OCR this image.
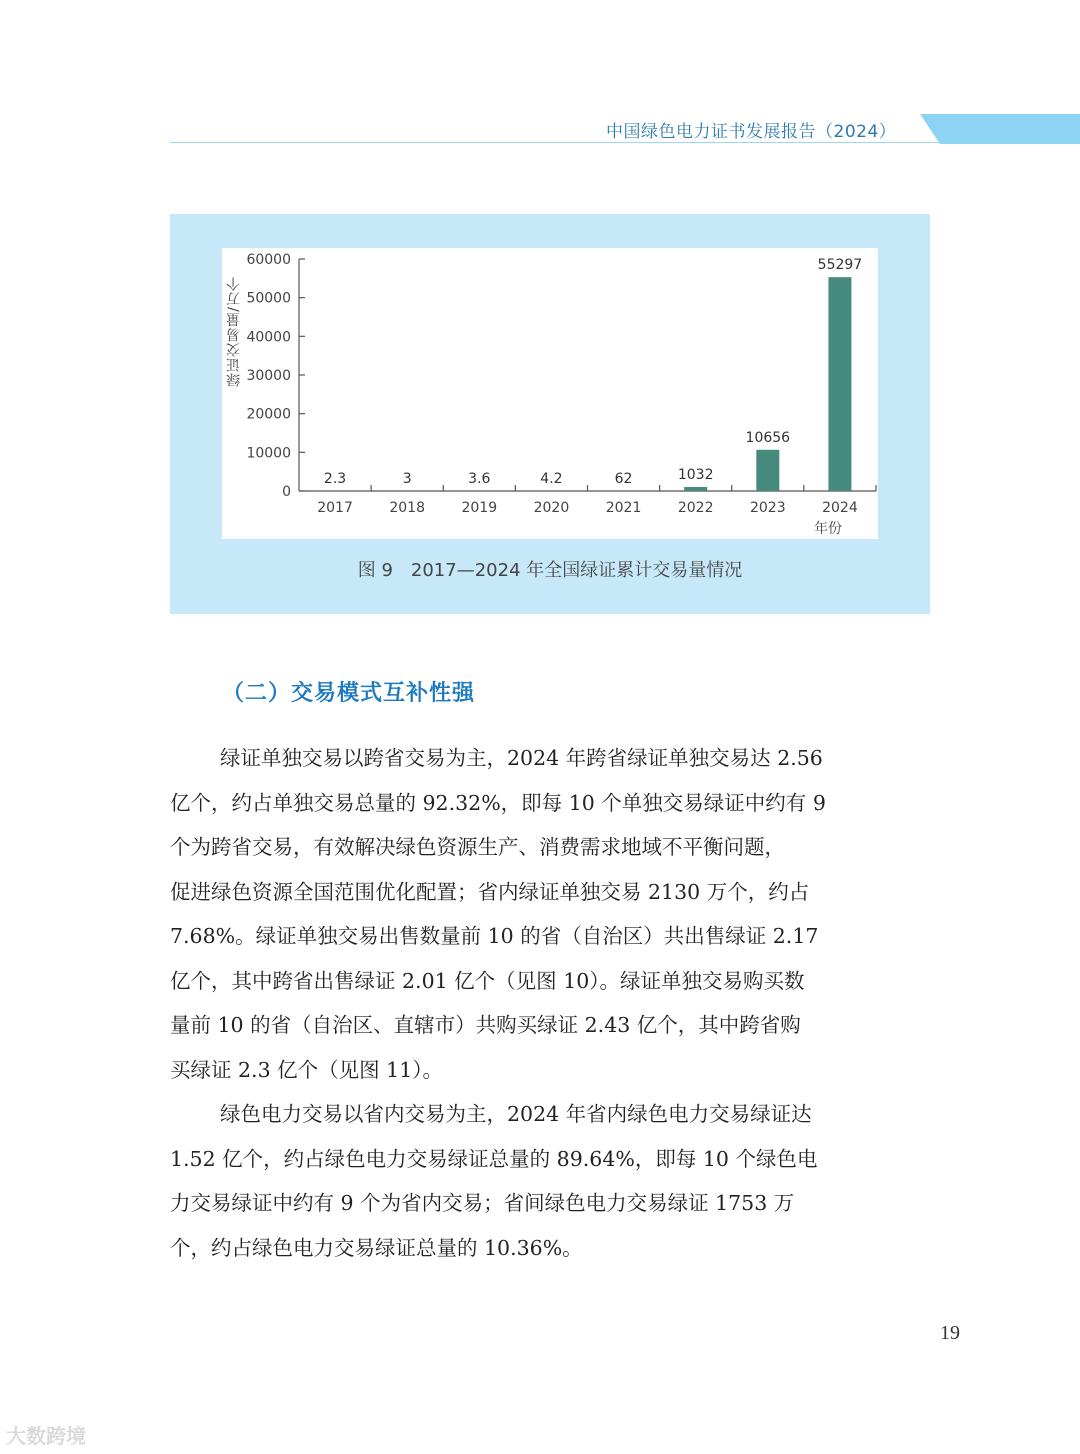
中国绿色电力证书发展报告（2024）
0
10000
20000
30000
40000
50000
60000
2.3
2017
3
2018
3.6
2019
4.2
2020
62
2021
1032
2022
10656
2023
55297
2024
年份
绿证交易量/万个
图 9　2017—2024 年全国绿证累计交易量情况
（二）交易模式互补性强
绿证单独交易以跨省交易为主，2024 年跨省绿证单独交易达 2.56
亿个，约占单独交易总量的 92.32%，即每 10 个单独交易绿证中约有 9
个为跨省交易，有效解决绿色资源生产、消费需求地域不平衡问题，
促进绿色资源全国范围优化配置；省内绿证单独交易 2130 万个，约占
7.68%。绿证单独交易出售数量前 10 的省（自治区）共出售绿证 2.17
亿个，其中跨省出售绿证 2.01 亿个（见图 10）。绿证单独交易购买数
量前 10 的省（自治区、直辖市）共购买绿证 2.43 亿个，其中跨省购
买绿证 2.3 亿个（见图 11）。
绿色电力交易以省内交易为主，2024 年省内绿色电力交易绿证达
1.52 亿个，约占绿色电力交易绿证总量的 89.64%，即每 10 个绿色电
力交易绿证中约有 9 个为省内交易；省间绿色电力交易绿证 1753 万
个，约占绿色电力交易绿证总量的 10.36%。
19
大数跨境
